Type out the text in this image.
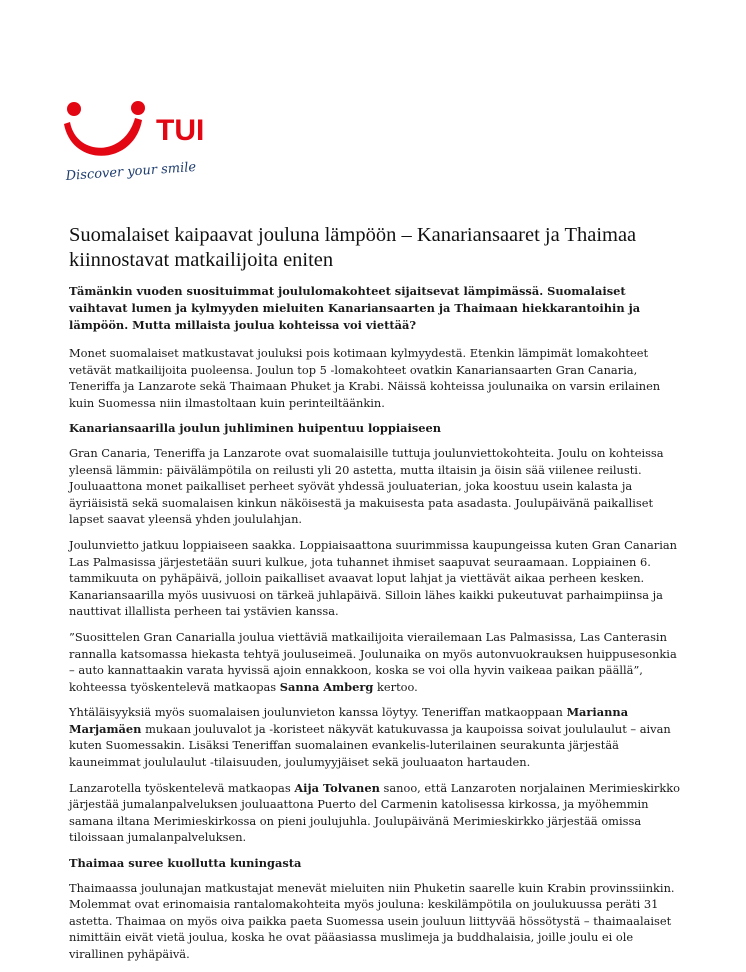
TUI
Discover your smile
Suomalaiset kaipaavat jouluna lämpöön – Kanariansaaret ja Thaimaa kiinnostavat matkailijoita eniten

Tämänkin vuoden suosituimmat joululomakohteet sijaitsevat lämpimässä. Suomalaiset vaihtavat lumen ja kylmyyden mieluiten Kanariansaarten ja Thaimaan hiekkarantoihin ja lämpöön. Mutta millaista joulua kohteissa voi viettää?

Monet suomalaiset matkustavat jouluksi pois kotimaan kylmyydestä. Etenkin lämpimät lomakohteet vetävät matkailijoita puoleensa. Joulun top 5 -lomakohteet ovatkin Kanariansaarten Gran Canaria, Teneriffa ja Lanzarote sekä Thaimaan Phuket ja Krabi. Näissä kohteissa joulunaika on varsin erilainen kuin Suomessa niin ilmastoltaan kuin perinteiltäänkin.

Kanariansaarilla joulun juhliminen huipentuu loppiaiseen

Gran Canaria, Teneriffa ja Lanzarote ovat suomalaisille tuttuja joulunviettokohteita. Joulu on kohteissa yleensä lämmin: päivälämpötila on reilusti yli 20 astetta, mutta iltaisin ja öisin sää viilenee reilusti. Jouluaattona monet paikalliset perheet syövät yhdessä jouluaterian, joka koostuu usein kalasta ja äyriäisistä sekä suomalaisen kinkun näköisestä ja makuisesta pata asadasta. Joulupäivänä paikalliset lapset saavat yleensä yhden joululahjan.

Joulunvietto jatkuu loppiaiseen saakka. Loppiaisaattona suurimmissa kaupungeissa kuten Gran Canarian Las Palmasissa järjestetään suuri kulkue, jota tuhannet ihmiset saapuvat seuraamaan. Loppiainen 6. tammikuuta on pyhäpäivä, jolloin paikalliset avaavat loput lahjat ja viettävät aikaa perheen kesken. Kanariansaarilla myös uusivuosi on tärkeä juhlapäivä. Silloin lähes kaikki pukeutuvat parhaimpiinsa ja nauttivat illallista perheen tai ystävien kanssa.

”Suosittelen Gran Canarialla joulua viettäviä matkailijoita vierailemaan Las Palmasissa, Las Canterasin rannalla katsomassa hiekasta tehtyä jouluseimeä. Joulunaika on myös autonvuokrauksen huippusesonkia – auto kannattaakin varata hyvissä ajoin ennakkoon, koska se voi olla hyvin vaikeaa paikan päällä”, kohteessa työskentelevä matkaopas Sanna Amberg kertoo.

Yhtäläisyyksiä myös suomalaisen joulunvieton kanssa löytyy. Teneriffan matkaoppaan Marianna Marjamäen mukaan jouluvalot ja -koristeet näkyvät katukuvassa ja kaupoissa soivat joululaulut – aivan kuten Suomessakin. Lisäksi Teneriffan suomalainen evankelis-luterilainen seurakunta järjestää kauneimmat joululaulut -tilaisuuden, joulumyyjäiset sekä jouluaaton hartauden.

Lanzarotella työskentelevä matkaopas Aija Tolvanen sanoo, että Lanzaroten norjalainen Merimieskirkko järjestää jumalanpalveluksen jouluaattona Puerto del Carmenin katolisessa kirkossa, ja myöhemmin samana iltana Merimieskirkossa on pieni joulujuhla. Joulupäivänä Merimieskirkko järjestää omissa tiloissaan jumalanpalveluksen.

Thaimaa suree kuollutta kuningasta

Thaimaassa joulunajan matkustajat menevät mieluiten niin Phuketin saarelle kuin Krabin provinssiinkin. Molemmat ovat erinomaisia rantalomakohteita myös jouluna: keskilämpötila on joulukuussa peräti 31 astetta. Thaimaa on myös oiva paikka paeta Suomessa usein jouluun liittyvää hössötystä – thaimaalaiset nimittäin eivät vietä joulua, koska he ovat pääasiassa muslimeja ja buddhalaisia, joille joulu ei ole virallinen pyhäpäivä.
